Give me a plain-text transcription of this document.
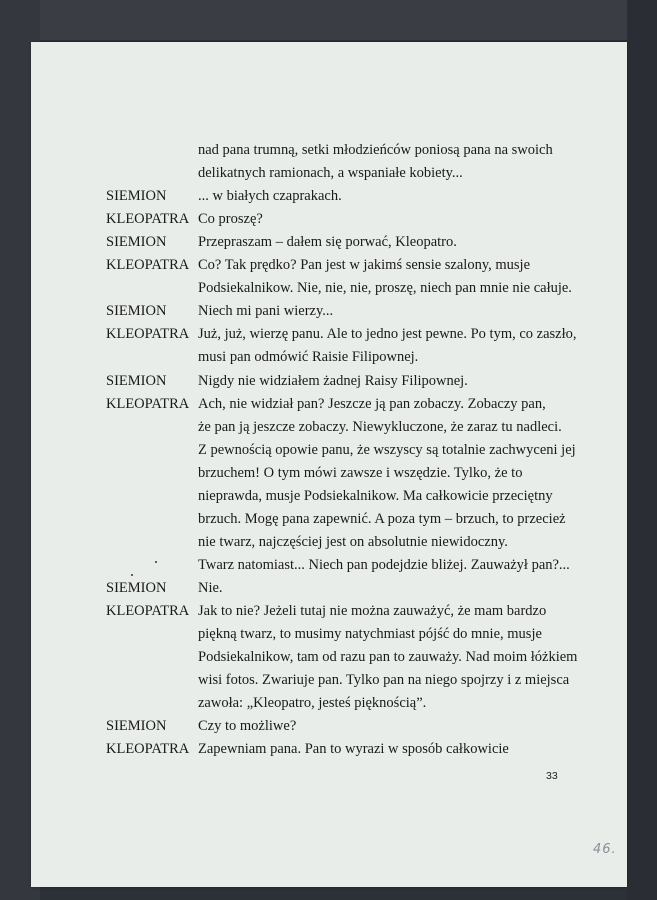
nad pana trumną, setki młodzieńców poniosą pana na swoich
delikatnych ramionach, a wspaniałe kobiety...
SIEMION ... w białych czaprakach.
KLEOPATRA Co proszę?
SIEMION Przepraszam – dałem się porwać, Kleopatro.
KLEOPATRA Co? Tak prędko? Pan jest w jakimś sensie szalony, musje
Podsiekalnikow. Nie, nie, nie, proszę, niech pan mnie nie całuje.
SIEMION Niech mi pani wierzy...
KLEOPATRA Już, już, wierzę panu. Ale to jedno jest pewne. Po tym, co zaszło,
musi pan odmówić Raisie Filipownej.
SIEMION Nigdy nie widziałem żadnej Raisy Filipownej.
KLEOPATRA Ach, nie widział pan? Jeszcze ją pan zobaczy. Zobaczy pan,
że pan ją jeszcze zobaczy. Niewykluczone, że zaraz tu nadleci.
Z pewnością opowie panu, że wszyscy są totalnie zachwyceni jej
brzuchem! O tym mówi zawsze i wszędzie. Tylko, że to
nieprawda, musje Podsiekalnikow. Ma całkowicie przeciętny
brzuch. Mogę pana zapewnić. A poza tym – brzuch, to przecież
nie twarz, najczęściej jest on absolutnie niewidoczny.
Twarz natomiast... Niech pan podejdzie bliżej. Zauważył pan?...
SIEMION Nie.
KLEOPATRA Jak to nie? Jeżeli tutaj nie można zauważyć, że mam bardzo
piękną twarz, to musimy natychmiast pójść do mnie, musje
Podsiekalnikow, tam od razu pan to zauważy. Nad moim łóżkiem
wisi fotos. Zwariuje pan. Tylko pan na niego spojrzy i z miejsca
zawoła: „Kleopatro, jesteś pięknością”.
SIEMION Czy to możliwe?
KLEOPATRA Zapewniam pana. Pan to wyrazi w sposób całkowicie
33
46.
